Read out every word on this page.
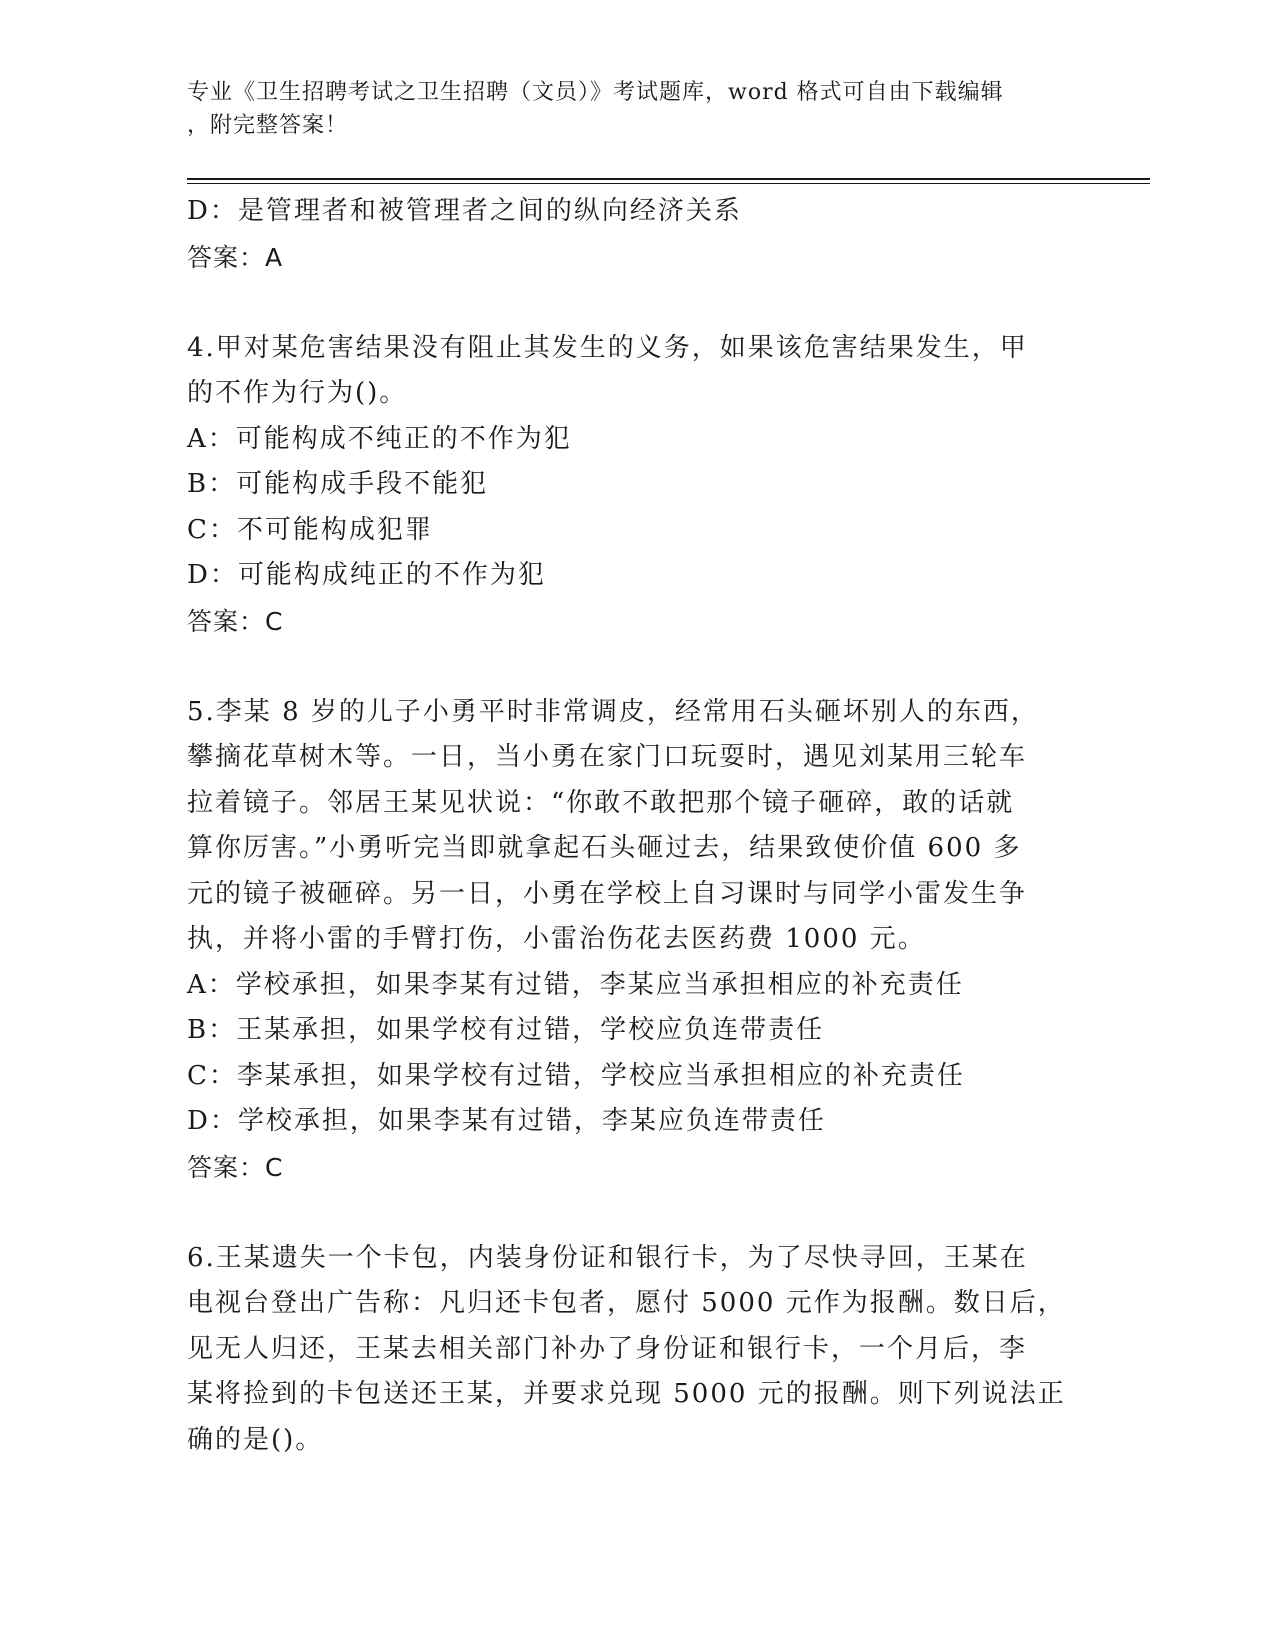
专业《卫生招聘考试之卫生招聘（文员）》考试题库，word 格式可自由下载编辑
，附完整答案！
D：是管理者和被管理者之间的纵向经济关系
答案：A
4.甲对某危害结果没有阻止其发生的义务，如果该危害结果发生，甲
的不作为行为()。
A：可能构成不纯正的不作为犯
B：可能构成手段不能犯
C：不可能构成犯罪
D：可能构成纯正的不作为犯
答案：C
5.李某 8 岁的儿子小勇平时非常调皮，经常用石头砸坏别人的东西，
攀摘花草树木等。一日，当小勇在家门口玩耍时，遇见刘某用三轮车
拉着镜子。邻居王某见状说：“你敢不敢把那个镜子砸碎，敢的话就
算你厉害。”小勇听完当即就拿起石头砸过去，结果致使价值 600 多
元的镜子被砸碎。另一日，小勇在学校上自习课时与同学小雷发生争
执，并将小雷的手臂打伤，小雷治伤花去医药费 1000 元。
A：学校承担，如果李某有过错，李某应当承担相应的补充责任
B：王某承担，如果学校有过错，学校应负连带责任
C：李某承担，如果学校有过错，学校应当承担相应的补充责任
D：学校承担，如果李某有过错，李某应负连带责任
答案：C
6.王某遗失一个卡包，内装身份证和银行卡，为了尽快寻回，王某在
电视台登出广告称：凡归还卡包者，愿付 5000 元作为报酬。数日后，
见无人归还，王某去相关部门补办了身份证和银行卡，一个月后，李
某将捡到的卡包送还王某，并要求兑现 5000 元的报酬。则下列说法正
确的是()。
